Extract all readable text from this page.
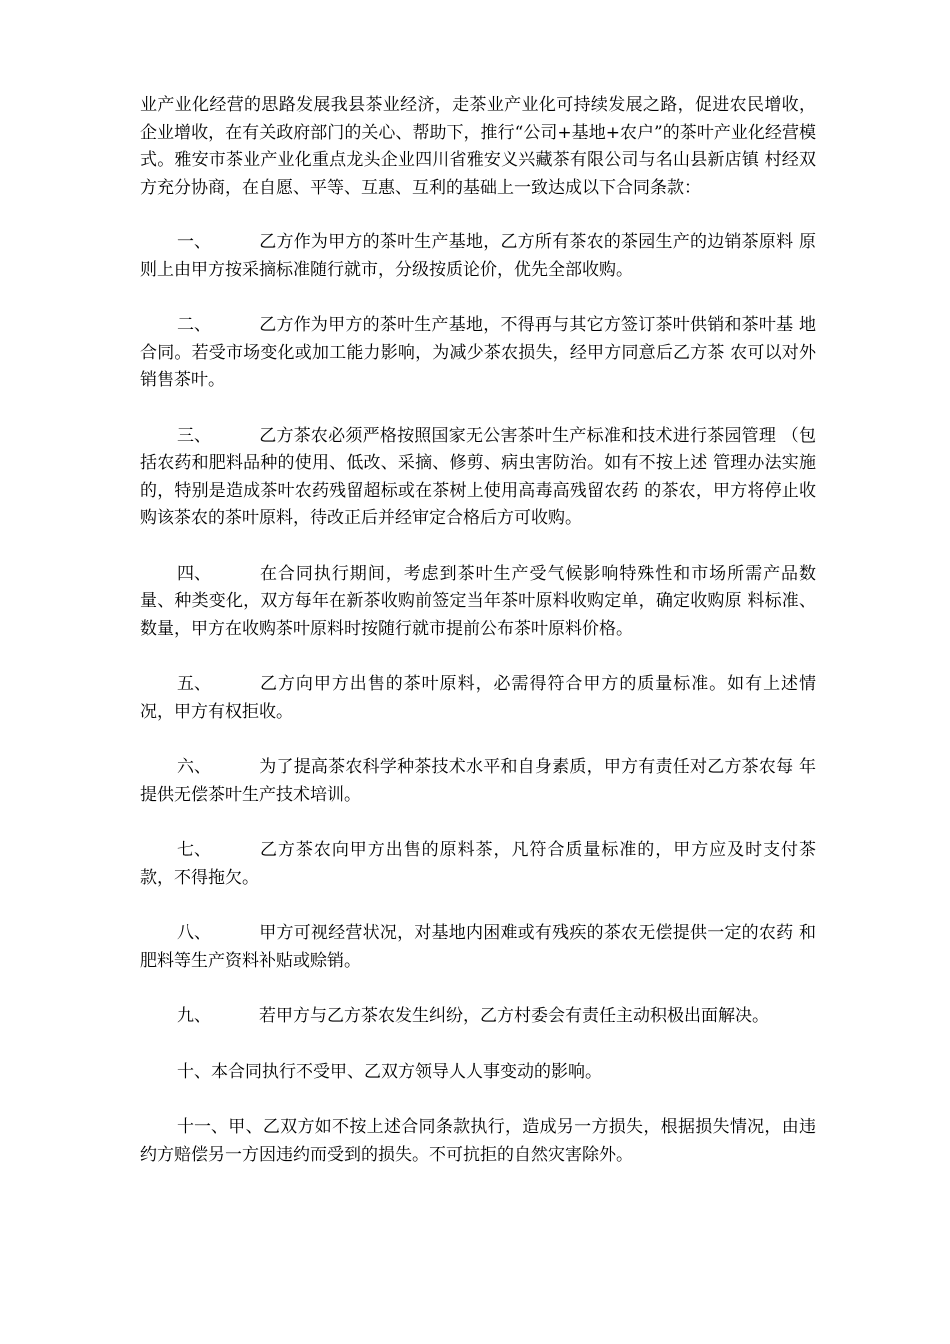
业产业化经营的思路发展我县茶业经济，走茶业产业化可持续发展之路，促进农民增收，企业增收，在有关政府部门的关心、帮助下，推行“公司+基地+农户”的茶叶产业化经营模式。雅安市茶业产业化重点龙头企业四川省雅安义兴藏茶有限公司与名山县新店镇 村经双方充分协商，在自愿、平等、互惠、互利的基础上一致达成以下合同条款：

一、	乙方作为甲方的茶叶生产基地，乙方所有茶农的茶园生产的边销茶原料 原则上由甲方按采摘标准随行就市，分级按质论价，优先全部收购。

二、	乙方作为甲方的茶叶生产基地，不得再与其它方签订茶叶供销和茶叶基 地合同。若受市场变化或加工能力影响，为减少茶农损失，经甲方同意后乙方茶 农可以对外销售茶叶。

三、	乙方茶农必须严格按照国家无公害茶叶生产标准和技术进行茶园管理 （包括农药和肥料品种的使用、低改、采摘、修剪、病虫害防治。如有不按上述 管理办法实施的，特别是造成茶叶农药残留超标或在茶树上使用高毒高残留农药 的茶农，甲方将停止收购该茶农的茶叶原料，待改正后并经审定合格后方可收购。

四、	在合同执行期间，考虑到茶叶生产受气候影响特殊性和市场所需产品数 量、种类变化，双方每年在新茶收购前签定当年茶叶原料收购定单，确定收购原 料标准、数量，甲方在收购茶叶原料时按随行就市提前公布茶叶原料价格。

五、	乙方向甲方出售的茶叶原料，必需得符合甲方的质量标准。如有上述情 况，甲方有权拒收。

六、	为了提高茶农科学种茶技术水平和自身素质，甲方有责任对乙方茶农每 年提供无偿茶叶生产技术培训。

七、	乙方茶农向甲方出售的原料茶，凡符合质量标准的，甲方应及时支付茶 款，不得拖欠。

八、	甲方可视经营状况，对基地内困难或有残疾的茶农无偿提供一定的农药 和肥料等生产资料补贴或赊销。

九、	若甲方与乙方茶农发生纠纷，乙方村委会有责任主动积极出面解决。

十、本合同执行不受甲、乙双方领导人人事变动的影响。

十一、甲、乙双方如不按上述合同条款执行，造成另一方损失，根据损失情况，由违约方赔偿另一方因违约而受到的损失。不可抗拒的自然灾害除外。
